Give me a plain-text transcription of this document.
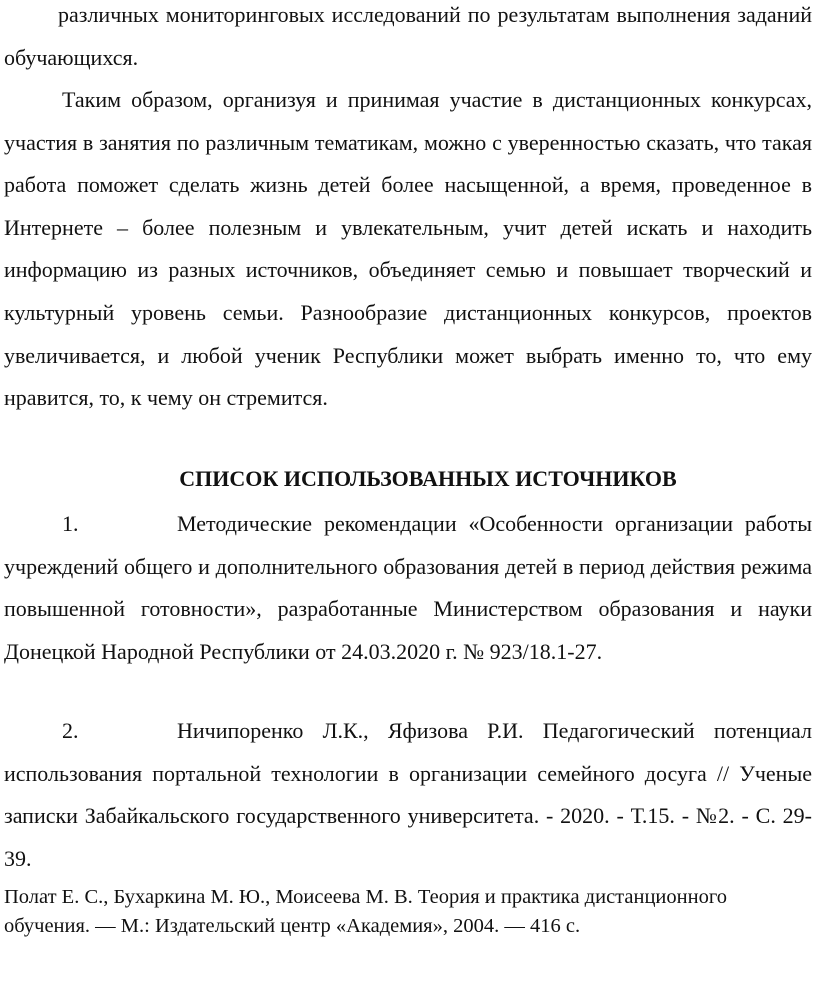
различных мониторинговых исследований по результатам выполнения заданий обучающихся.

Таким образом, организуя и принимая участие в дистанционных конкурсах, участия в занятия по различным тематикам, можно с уверенностью сказать, что такая работа поможет сделать жизнь детей более насыщенной, а время, проведенное в Интернете – более полезным и увлекательным, учит детей искать и находить информацию из разных источников, объединяет семью и повышает творческий и культурный уровень семьи. Разнообразие дистанционных конкурсов, проектов увеличивается, и любой ученик Республики может выбрать именно то, что ему нравится, то, к чему он стремится.

СПИСОК ИСПОЛЬЗОВАННЫХ ИСТОЧНИКОВ

1.	Методические рекомендации «Особенности организации работы учреждений общего и дополнительного образования детей в период действия режима повышенной готовности», разработанные Министерством образования и науки Донецкой Народной Республики от 24.03.2020 г. № 923/18.1-27.

2.	Ничипоренко Л.К., Яфизова Р.И. Педагогический потенциал использования портальной технологии в организации семейного досуга // Ученые записки Забайкальского государственного университета. - 2020. - Т.15. - №2. - С. 29-39.

Полат Е. С., Бухаркина М. Ю., Моисеева М. В. Теория и практика дистанционного обучения. — М.: Издательский центр «Академия», 2004. — 416 с.
